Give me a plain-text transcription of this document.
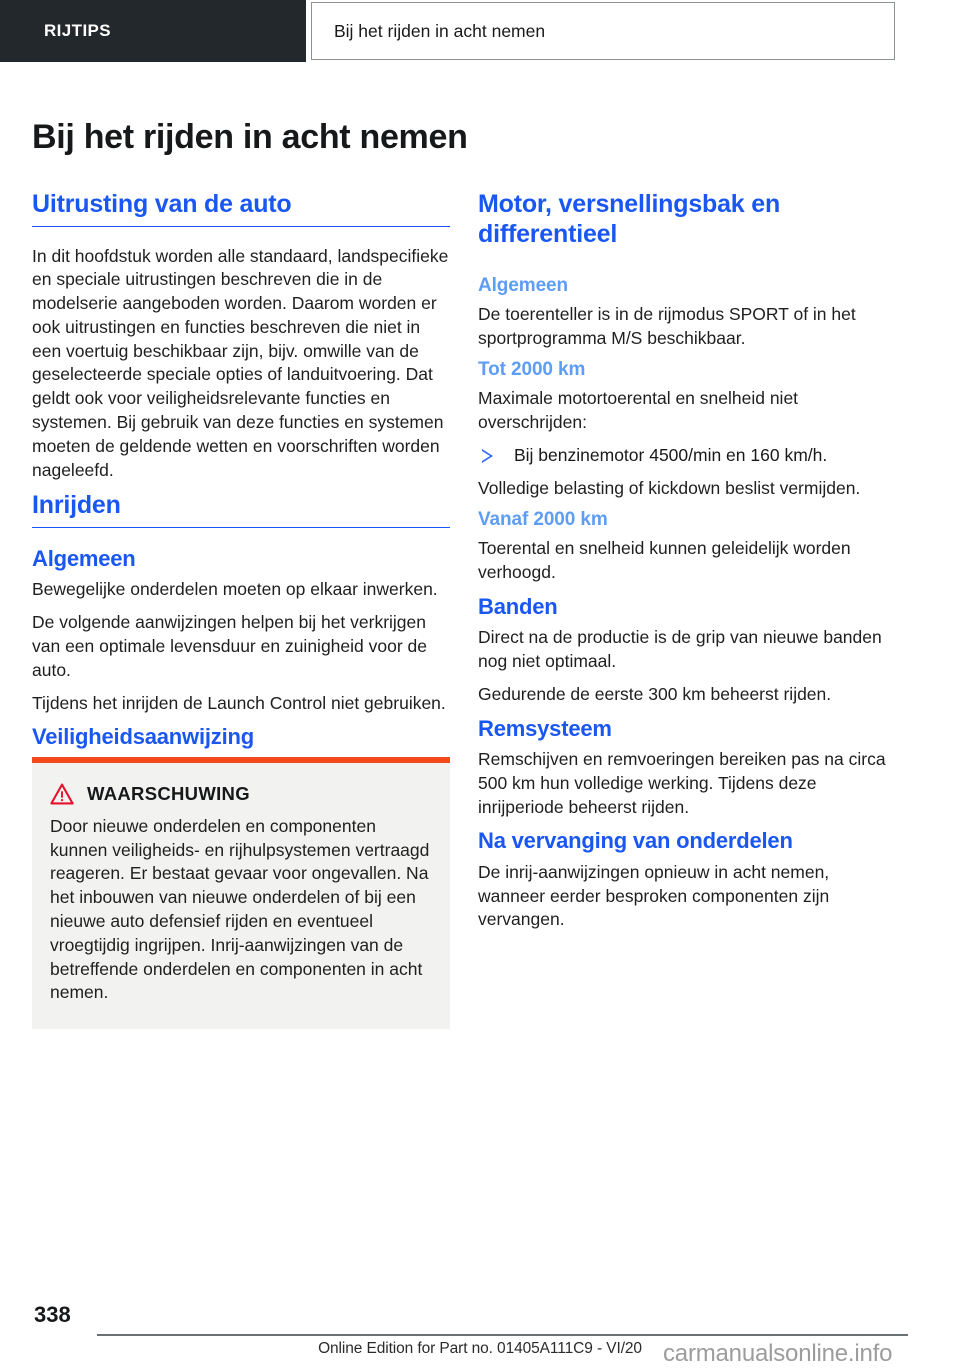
RIJTIPS	Bij het rijden in acht nemen
Bij het rijden in acht nemen
Uitrusting van de auto

In dit hoofdstuk worden alle standaard, landspecifieke en speciale uitrustingen beschreven die in de modelserie aangeboden worden. Daarom worden er ook uitrustingen en functies beschreven die niet in een voertuig beschikbaar zijn, bijv. omwille van de geselecteerde speciale opties of landuitvoering. Dat geldt ook voor veiligheidsrelevante functies en systemen. Bij gebruik van deze functies en systemen moeten de geldende wetten en voorschriften worden nageleefd.

Inrijden
Algemeen

Bewegelijke onderdelen moeten op elkaar inwerken.

De volgende aanwijzingen helpen bij het verkrijgen van een optimale levensduur en zuinigheid voor de auto.

Tijdens het inrijden de Launch Control niet gebruiken.

Veiligheidsaanwijzing
WAARSCHUWING

Door nieuwe onderdelen en componenten kunnen veiligheids- en rijhulpsystemen vertraagd reageren. Er bestaat gevaar voor ongevallen. Na het inbouwen van nieuwe onderdelen of bij een nieuwe auto defensief rijden en eventueel vroegtijdig ingrijpen. Inrij-aanwijzingen van de betreffende onderdelen en componenten in acht nemen.

Motor, versnellingsbak en differentieel
Algemeen

De toerenteller is in de rijmodus SPORT of in het sportprogramma M/S beschikbaar.

Tot 2000 km

Maximale motortoerental en snelheid niet overschrijden:

Bij benzinemotor 4500/min en 160 km/h.

Volledige belasting of kickdown beslist vermijden.

Vanaf 2000 km

Toerental en snelheid kunnen geleidelijk worden verhoogd.

Banden

Direct na de productie is de grip van nieuwe banden nog niet optimaal.

Gedurende de eerste 300 km beheerst rijden.

Remsysteem

Remschijven en remvoeringen bereiken pas na circa 500 km hun volledige werking. Tijdens deze inrijperiode beheerst rijden.

Na vervanging van onderdelen

De inrij-aanwijzingen opnieuw in acht nemen, wanneer eerder besproken componenten zijn vervangen.

338
Online Edition for Part no. 01405A111C9 - VI/20 carmanualsonline.info
